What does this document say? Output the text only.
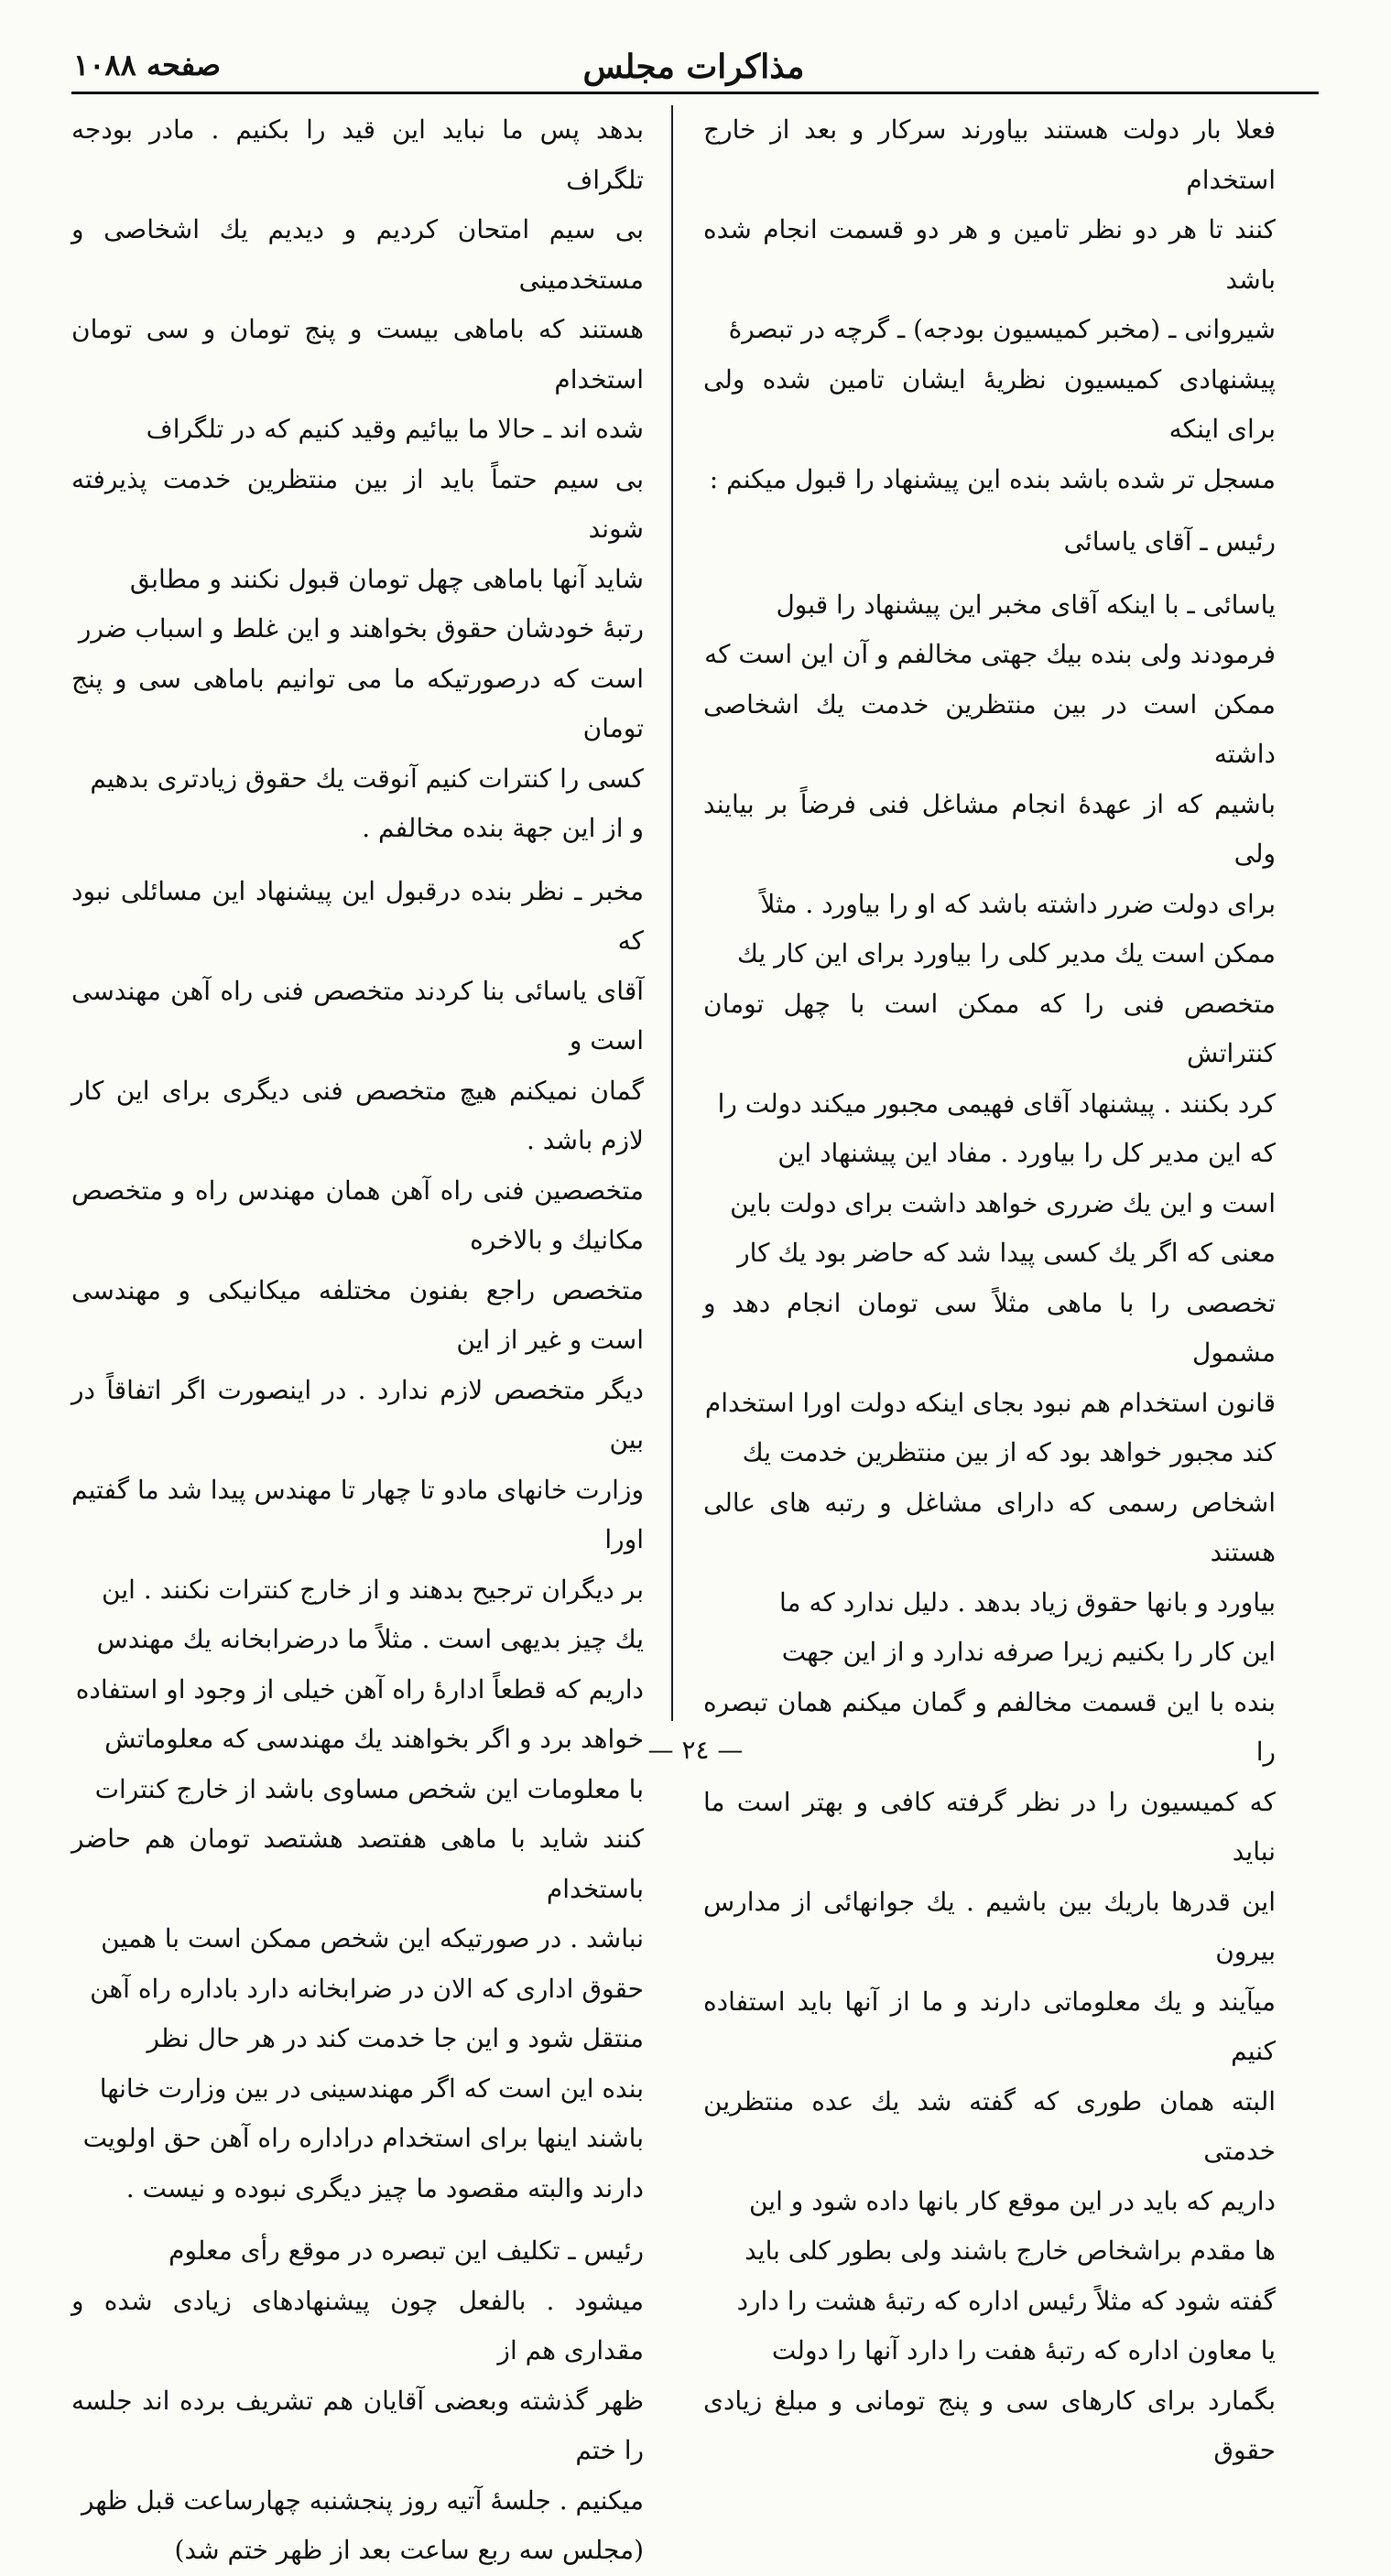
مذاكرات مجلس
صفحه ۱۰۸۸
فعلا بار دولت هستند بیاورند سرکار و بعد از خارج استخدام
کنند تا هر دو نظر تامین و هر دو قسمت انجام شده باشد
شیروانی ـ (مخبر کمیسیون بودجه) ـ گرچه در تبصرهٔ
پیشنهادی کمیسیون نظریهٔ ایشان تامین شده ولی برای اینکه
مسجل تر شده باشد بنده این پیشنهاد را قبول میکنم :
رئیس ـ آقای یاسائی
یاسائی ـ با اینکه آقای مخبر این پیشنهاد را قبول
فرمودند ولی بنده بیك جهتی مخالفم و آن این است كه
ممكن است در بین منتظرین خدمت یك اشخاصی داشته
باشیم كه از عهدهٔ انجام مشاغل فنی فرضاً بر بیایند ولی
برای دولت ضرر داشته باشد كه او را بیاورد . مثلاً
ممكن است یك مدیر كلی را بیاورد برای این كار یك
متخصص فنی را كه ممكن است با چهل تومان كنتراتش
کرد بکنند . پیشنهاد آقای فهیمی مجبور میكند دولت را
كه این مدیر كل را بیاورد . مفاد این پیشنهاد این
است و این یك ضرری خواهد داشت برای دولت باین
معنی كه اگر یك كسی پیدا شد كه حاضر بود یك كار
تخصصی را با ماهی مثلاً سی تومان انجام دهد و مشمول
قانون استخدام هم نبود بجای اینكه دولت اورا استخدام
كند مجبور خواهد بود كه از بین منتظرین خدمت یك
اشخاص رسمی كه دارای مشاغل و رتبه های عالی هستند
بیاورد و بانها حقوق زیاد بدهد . دلیل ندارد كه ما
این كار را بكنیم زیرا صرفه ندارد و از این جهت
بنده با این قسمت مخالفم و گمان میكنم همان تبصره را
كه كمیسیون را در نظر گرفته كافی و بهتر است ما نباید
این قدرها باریك بین باشیم . یك جوانهائی از مدارس بیرون
میآیند و یك معلوماتی دارند و ما از آنها باید استفاده كنیم
البته همان طوری كه گفته شد یك عده منتظرین خدمتی
داریم كه باید در این موقع كار بانها داده شود و این
ها مقدم براشخاص خارج باشند ولی بطور كلی باید
گفته شود كه مثلاً رئیس اداره كه رتبهٔ هشت را دارد
یا معاون اداره كه رتبهٔ هفت را دارد آنها را دولت
بگمارد برای كارهای سی و پنج تومانی و مبلغ زیادی حقوق
بدهد پس ما نباید این قید را بكنیم . مادر بودجه تلگراف
بی سیم امتحان كردیم و دیدیم یك اشخاصی و مستخدمینی
هستند كه باماهی بیست و پنج تومان و سی تومان استخدام
شده اند ـ حالا ما بیائیم وقید كنیم كه در تلگراف
بی سیم حتماً باید از بین منتظرین خدمت پذیرفته شوند
شاید آنها باماهی چهل تومان قبول نكنند و مطابق
رتبهٔ خودشان حقوق بخواهند و این غلط و اسباب ضرر
است كه درصورتیكه ما می توانیم باماهی سی و پنج تومان
كسی را كنترات كنیم آنوقت یك حقوق زیادتری بدهیم
و از این جهة بنده مخالفم .
مخبر ـ نظر بنده درقبول این پیشنهاد این مسائلی نبود كه
آقای یاسائی بنا كردند متخصص فنی راه آهن مهندسی است و
گمان نمیكنم هیچ متخصص فنی دیگری برای این كار لازم باشد .
متخصصین فنی راه آهن همان مهندس راه و متخصص مكانیك و بالاخره
متخصص راجع بفنون مختلفه میكانیكی و مهندسی است و غیر از این
دیگر متخصص لازم ندارد . در اینصورت اگر اتفاقاً در بین
وزارت خانهای مادو تا چهار تا مهندس پیدا شد ما گفتیم اورا
بر دیگران ترجیح بدهند و از خارج كنترات نكنند . این
یك چیز بدیهی است . مثلاً ما درضرابخانه یك مهندس
داریم كه قطعاً ادارهٔ راه آهن خیلی از وجود او استفاده
خواهد برد و اگر بخواهند یك مهندسی كه معلوماتش
با معلومات این شخص مساوی باشد از خارج كنترات
كنند شاید با ماهی هفتصد هشتصد تومان هم حاضر باستخدام
نباشد . در صورتیكه این شخص ممكن است با همین
حقوق اداری كه الان در ضرابخانه دارد باداره راه آهن
منتقل شود و این جا خدمت كند در هر حال نظر
بنده این است كه اگر مهندسینی در بین وزارت خانها
باشند اینها برای استخدام دراداره راه آهن حق اولویت
دارند والبته مقصود ما چیز دیگری نبوده و نیست .
رئیس ـ تكلیف این تبصره در موقع رأی معلوم
میشود . بالفعل چون پیشنهادهای زیادی شده و مقداری هم از
ظهر گذشته وبعضی آقایان هم تشریف برده اند جلسه را ختم
میكنیم . جلسهٔ آتیه روز پنجشنبه چهارساعت قبل ظهر
(مجلس سه ربع ساعت بعد از ظهر ختم شد)
— ٢٤ —
